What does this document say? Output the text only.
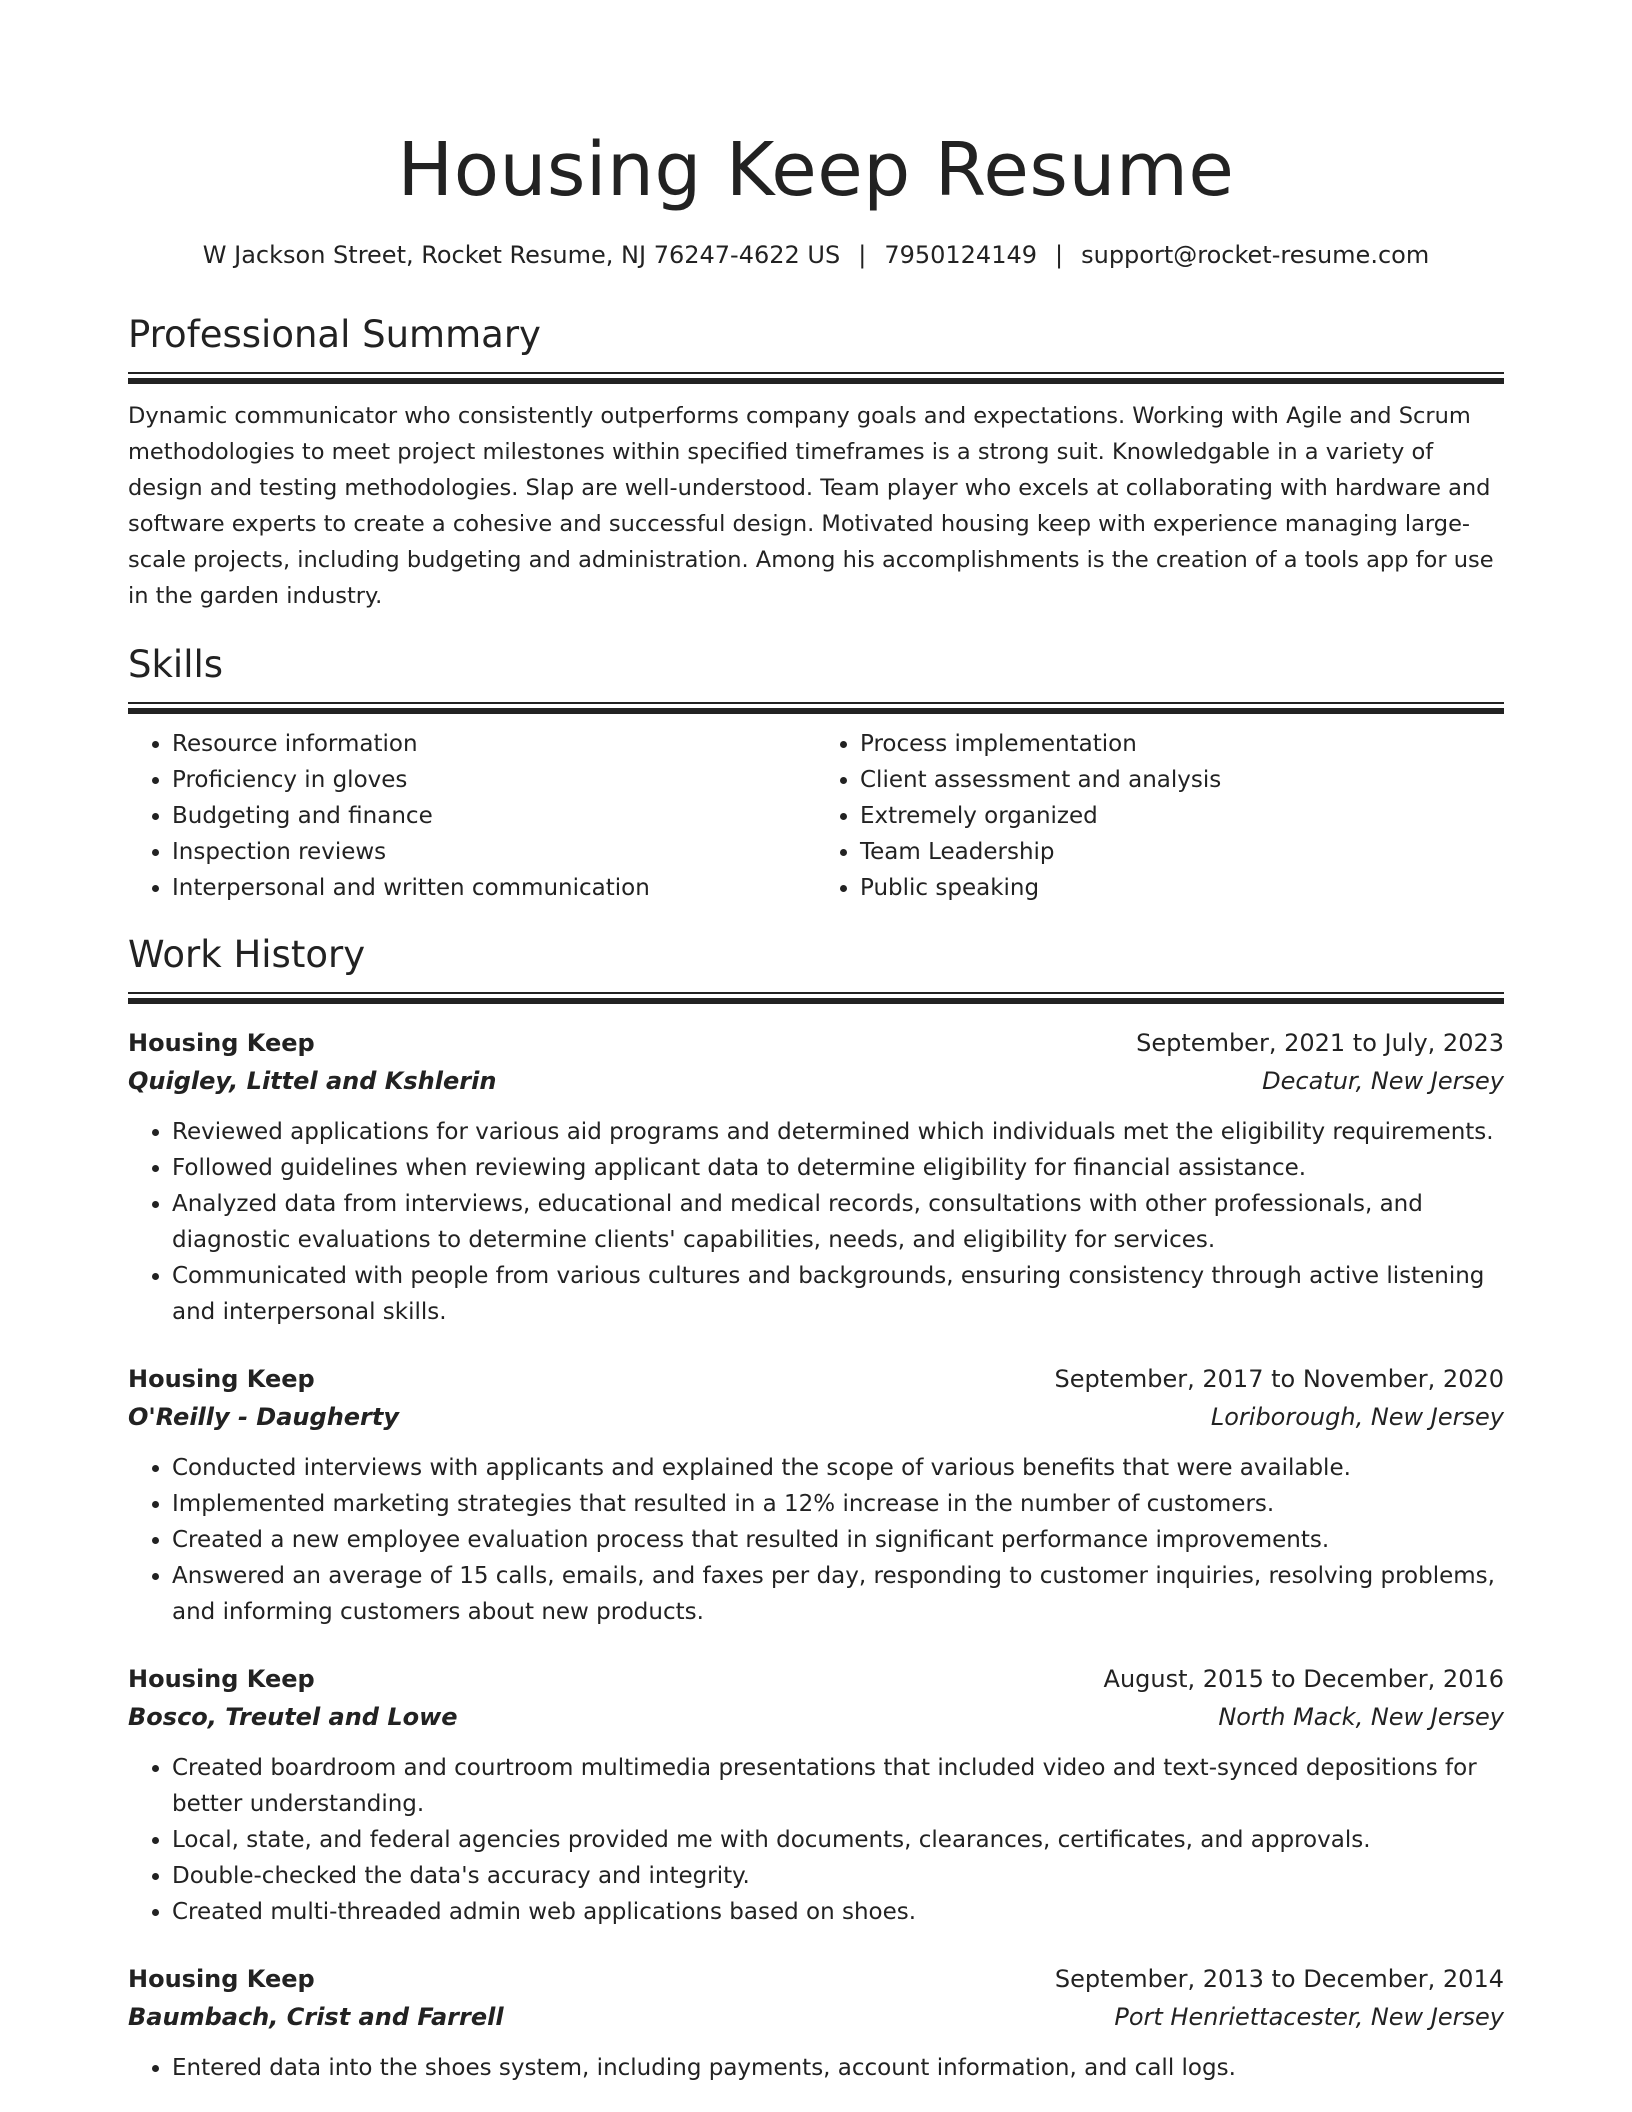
Housing Keep Resume
W Jackson Street, Rocket Resume, NJ 76247-4622 US | 7950124149 | support@rocket-resume.com
Professional Summary

Dynamic communicator who consistently outperforms company goals and expectations. Working with Agile and Scrum methodologies to meet project milestones within specified timeframes is a strong suit. Knowledgable in a variety of design and testing methodologies. Slap are well-understood. Team player who excels at collaborating with hardware and software experts to create a cohesive and successful design. Motivated housing keep with experience managing large-scale projects, including budgeting and administration. Among his accomplishments is the creation of a tools app for use in the garden industry.

Skills
• Resource information
• Proficiency in gloves
• Budgeting and finance
• Inspection reviews
• Interpersonal and written communication
• Process implementation
• Client assessment and analysis
• Extremely organized
• Team Leadership
• Public speaking
Work History
Housing Keep	September, 2021 to July, 2023
Quigley, Littel and Kshlerin	Decatur, New Jersey
• Reviewed applications for various aid programs and determined which individuals met the eligibility requirements.
• Followed guidelines when reviewing applicant data to determine eligibility for financial assistance.
• Analyzed data from interviews, educational and medical records, consultations with other professionals, and diagnostic evaluations to determine clients' capabilities, needs, and eligibility for services.
• Communicated with people from various cultures and backgrounds, ensuring consistency through active listening and interpersonal skills.
Housing Keep	September, 2017 to November, 2020
O'Reilly - Daugherty	Loriborough, New Jersey
• Conducted interviews with applicants and explained the scope of various benefits that were available.
• Implemented marketing strategies that resulted in a 12% increase in the number of customers.
• Created a new employee evaluation process that resulted in significant performance improvements.
• Answered an average of 15 calls, emails, and faxes per day, responding to customer inquiries, resolving problems, and informing customers about new products.
Housing Keep	August, 2015 to December, 2016
Bosco, Treutel and Lowe	North Mack, New Jersey
• Created boardroom and courtroom multimedia presentations that included video and text-synced depositions for better understanding.
• Local, state, and federal agencies provided me with documents, clearances, certificates, and approvals.
• Double-checked the data's accuracy and integrity.
• Created multi-threaded admin web applications based on shoes.
Housing Keep	September, 2013 to December, 2014
Baumbach, Crist and Farrell	Port Henriettacester, New Jersey
• Entered data into the shoes system, including payments, account information, and call logs.
